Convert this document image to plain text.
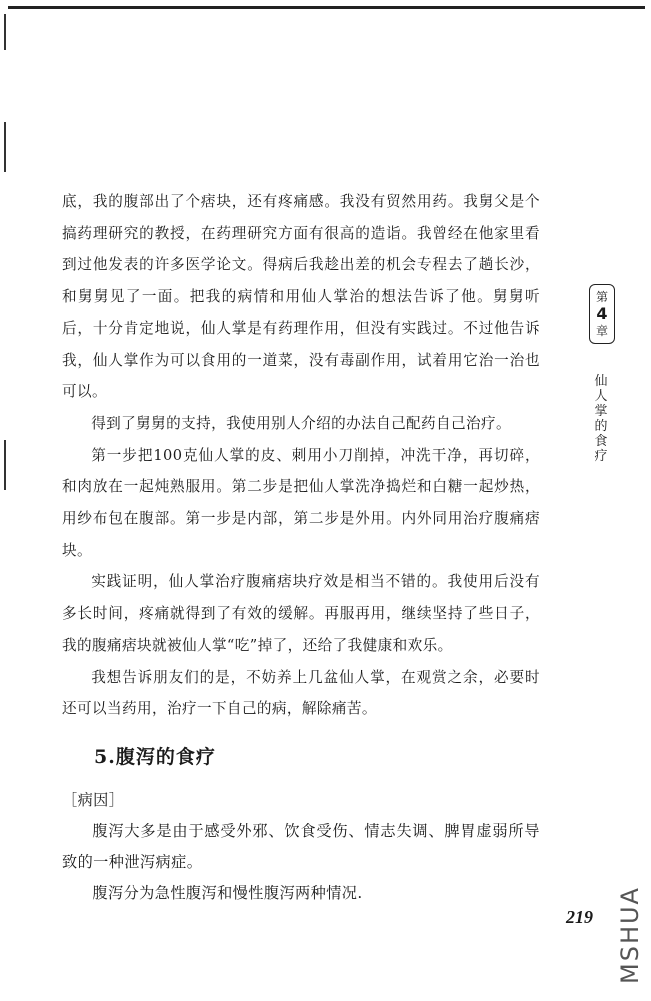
底，我的腹部出了个痞块，还有疼痛感。我没有贸然用药。我舅父是个搞药理研究的教授，在药理研究方面有很高的造诣。我曾经在他家里看到过他发表的许多医学论文。得病后我趁出差的机会专程去了趟长沙，和舅舅见了一面。把我的病情和用仙人掌治的想法告诉了他。舅舅听后，十分肯定地说，仙人掌是有药理作用，但没有实践过。不过他告诉我，仙人掌作为可以食用的一道菜，没有毒副作用，试着用它治一治也可以。

得到了舅舅的支持，我使用别人介绍的办法自己配药自己治疗。

第一步把100克仙人掌的皮、刺用小刀削掉，冲洗干净，再切碎，和肉放在一起炖熟服用。第二步是把仙人掌洗净捣烂和白糖一起炒热，用纱布包在腹部。第一步是内部，第二步是外用。内外同用治疗腹痛痞块。

实践证明，仙人掌治疗腹痛痞块疗效是相当不错的。我使用后没有多长时间，疼痛就得到了有效的缓解。再服再用，继续坚持了些日子，我的腹痛痞块就被仙人掌“吃”掉了，还给了我健康和欢乐。

我想告诉朋友们的是，不妨养上几盆仙人掌，在观赏之余，必要时还可以当药用，治疗一下自己的病，解除痛苦。

5.腹泻的食疗

［病因］

腹泻大多是由于感受外邪、饮食受伤、情志失调、脾胃虚弱所导致的一种泄泻病症。

腹泻分为急性腹泻和慢性腹泻两种情况.

第
4
章
仙人掌的食疗
219 MSHUA
